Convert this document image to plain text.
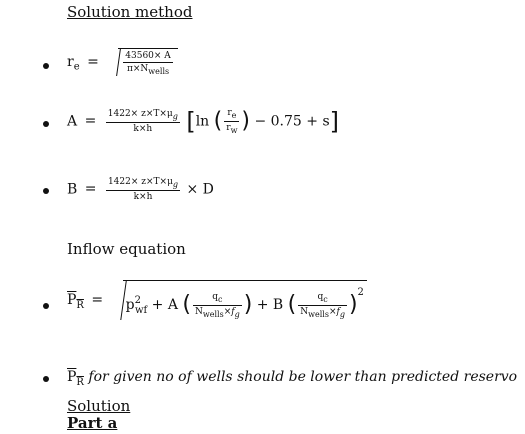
Solution method
$r_e$ =	$\frac{43560\times A}{\pi\times N_{wells}}$
$A = \frac{1422\times z\times T\times\mu_g}{k\times h} [\ln$ ( $\frac{r_e}{r_w}$ ) − 0.75 + s]
$B = \frac{1422\times z\times T\times\mu_g}{k\times h} \times D$
Inflow equation
$P_R = p^2_{wf} + A$ ( $\frac{q_c}{N_{wells}\times f_g}$ ) + B ( $\frac{q_c}{N_{wells}\times f_g} )^2$
$P_R$ for given no of wells should be lower than predicted reservo
Solution
Part a
